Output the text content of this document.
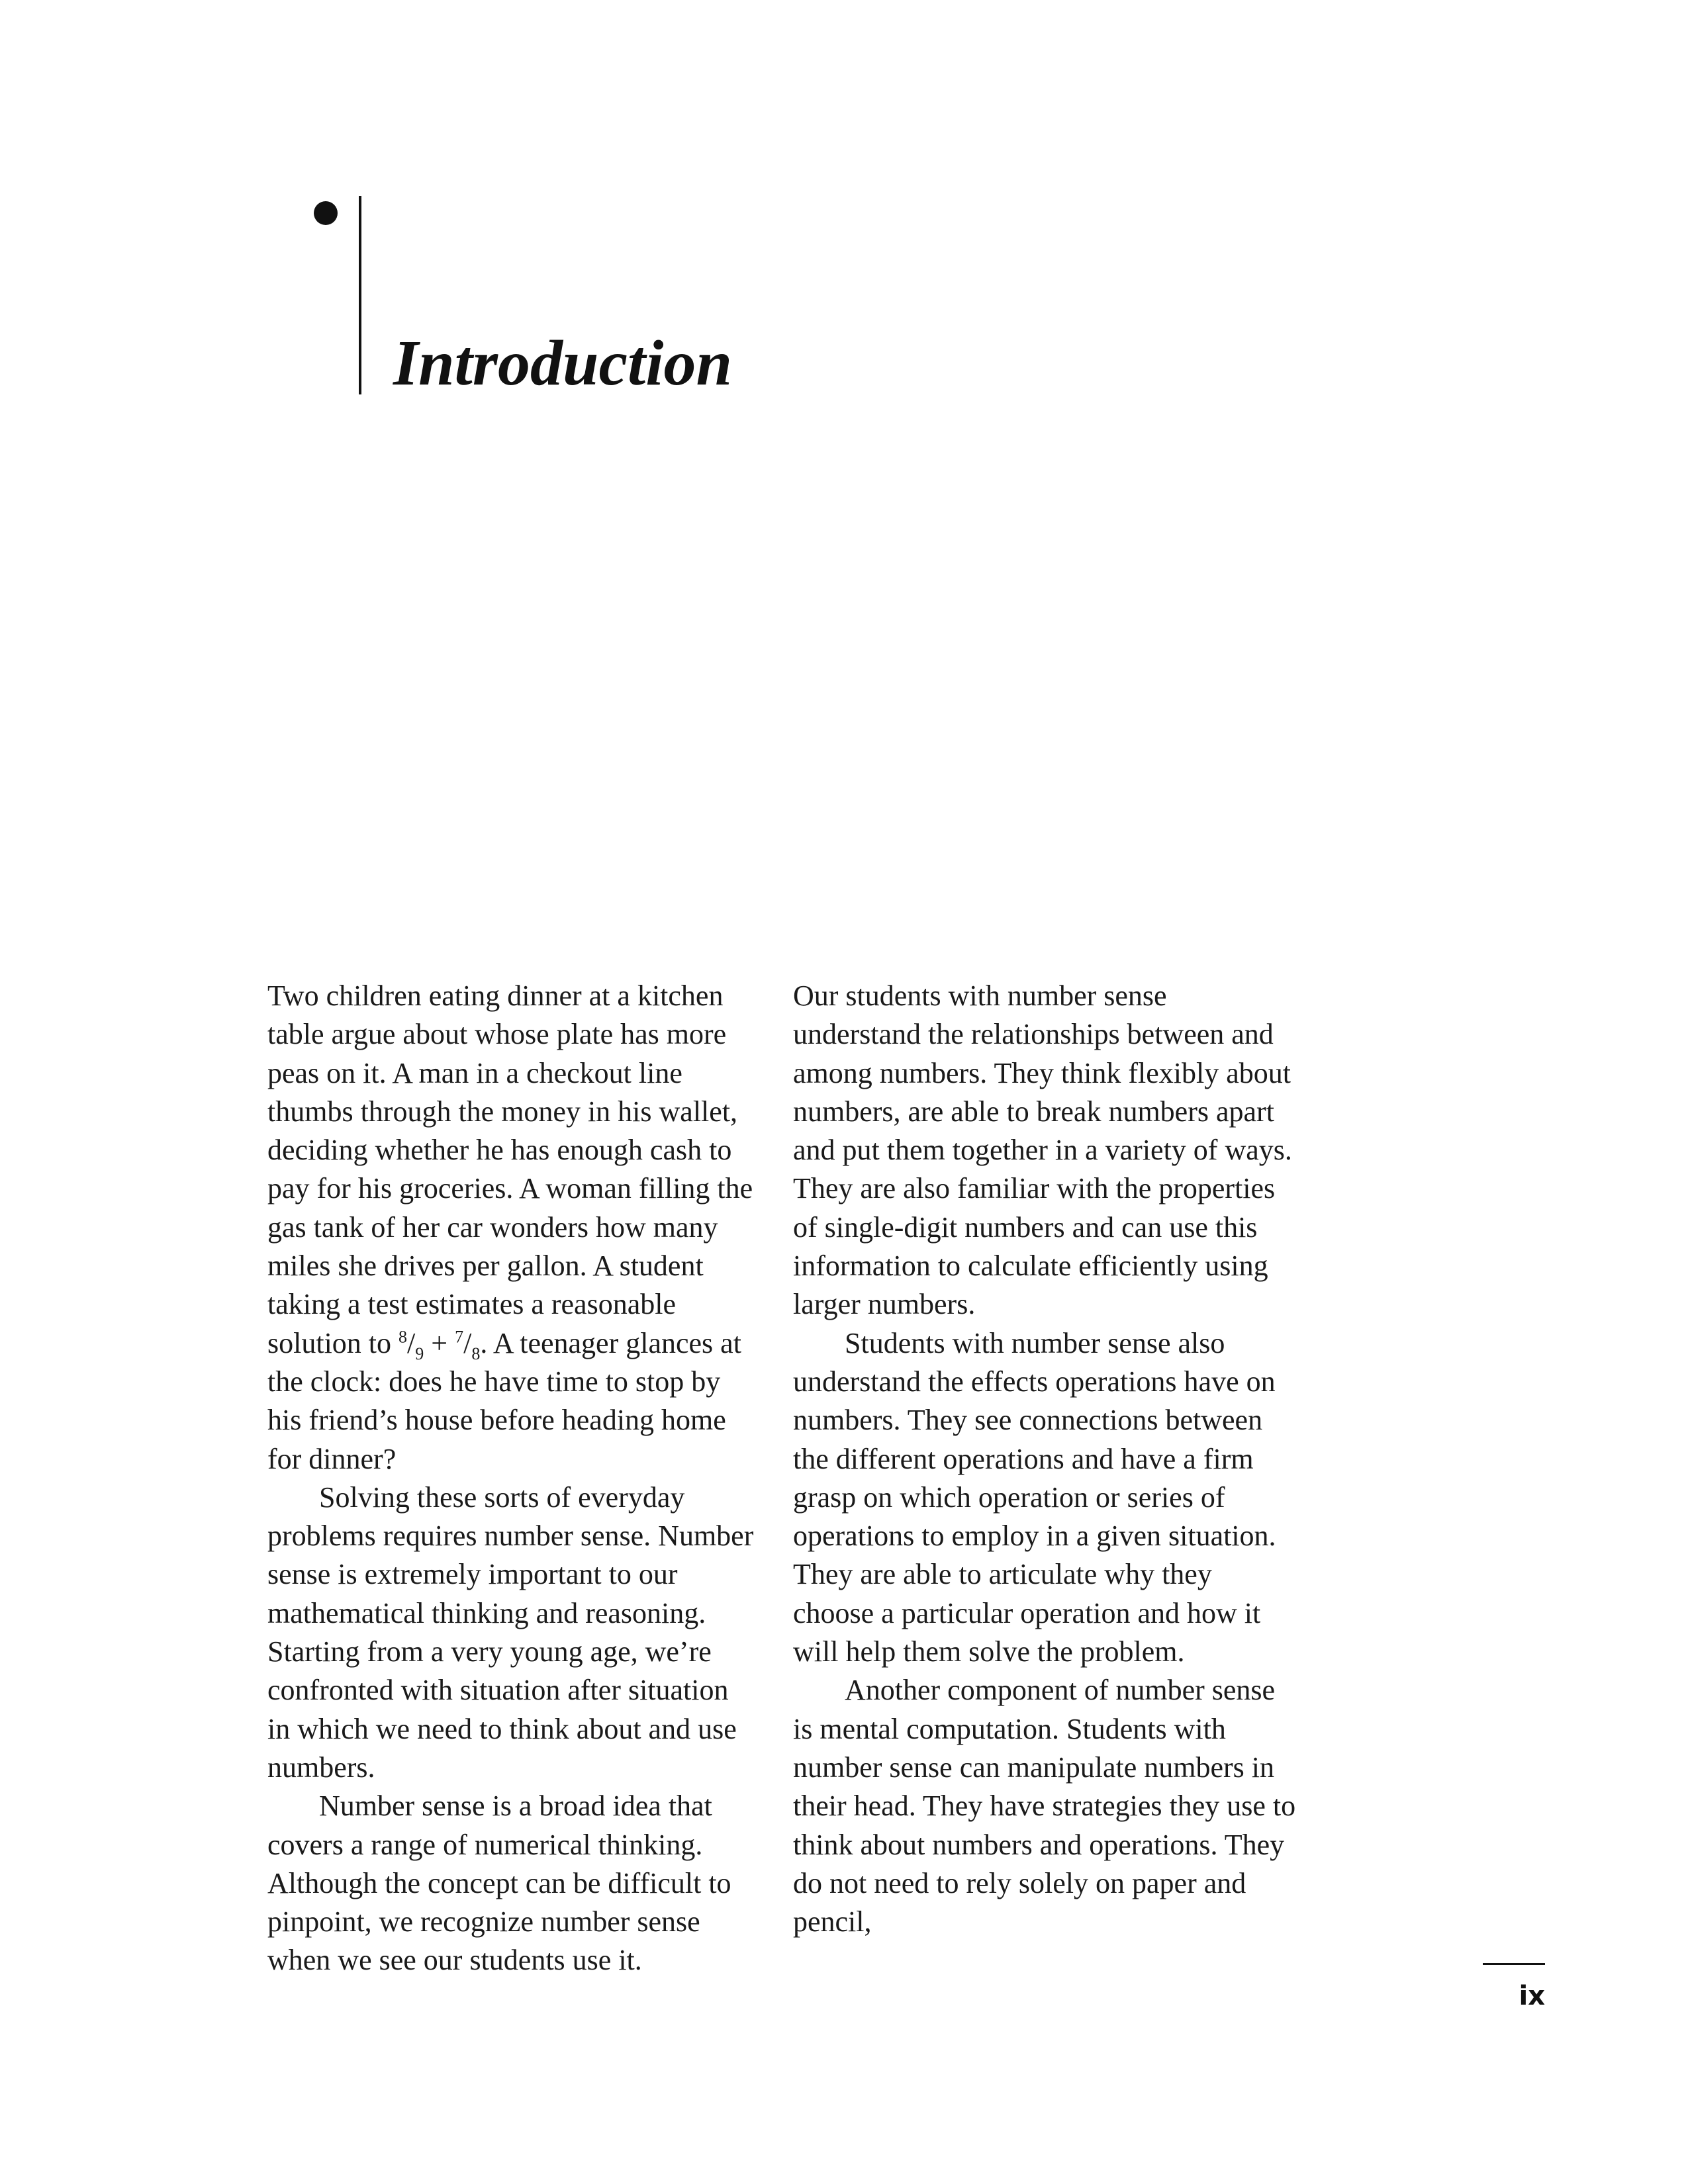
Introduction

Two children eating dinner at a kitchen table argue about whose plate has more peas on it. A man in a checkout line thumbs through the money in his wallet, deciding whether he has enough cash to pay for his groceries. A woman filling the gas tank of her car wonders how many miles she drives per gallon. A student taking a test estimates a reasonable solution to $^8/_9 + ^7/_8$. A teenager glances at the clock: does he have time to stop by his friend’s house before heading home for dinner?

Solving these sorts of everyday problems requires number sense. Number sense is extremely important to our mathematical thinking and reasoning. Starting from a very young age, we’re confronted with situation after situation in which we need to think about and use numbers.

Number sense is a broad idea that covers a range of numerical thinking. Although the concept can be difficult to pinpoint, we recognize number sense when we see our students use it.

Our students with number sense understand the relationships between and among numbers. They think flexibly about numbers, are able to break numbers apart and put them together in a variety of ways. They are also familiar with the properties of single-digit numbers and can use this information to calculate efficiently using larger numbers.

Students with number sense also understand the effects operations have on numbers. They see connections between the different operations and have a firm grasp on which operation or series of operations to employ in a given situation. They are able to articulate why they choose a particular operation and how it will help them solve the problem.

Another component of number sense is mental computation. Students with number sense can manipulate numbers in their head. They have strategies they use to think about numbers and operations. They do not need to rely solely on paper and pencil,

ix
